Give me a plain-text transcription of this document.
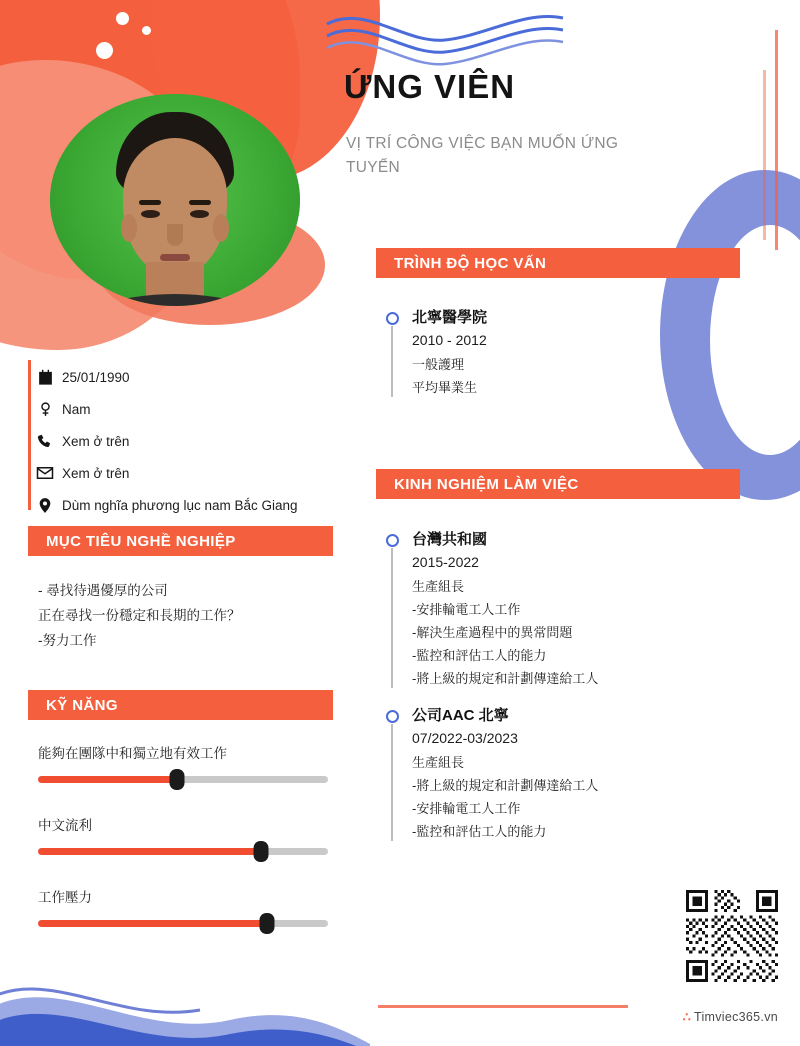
ỨNG VIÊN
VỊ TRÍ CÔNG VIỆC BẠN MUỐN ỨNG TUYỂN
25/01/1990
Nam
Xem ở trên
Xem ở trên
Dùm nghĩa phương lục nam Bắc Giang
MỤC TIÊU NGHỀ NGHIỆP
- 尋找待遇優厚的公司
正在尋找一份穩定和長期的工作？
-努力工作
KỸ NĂNG
能夠在團隊中和獨立地有效工作
中文流利
工作壓力
TRÌNH ĐỘ HỌC VẤN
北寧醫學院
2010 - 2012
一般護理
平均畢業生
KINH NGHIỆM LÀM VIỆC
台灣共和國
2015-2022
生產組長
-安排輪電工人工作
-解決生產過程中的異常問題
-監控和評估工人的能力
-將上級的規定和計劃傳達給工人
公司AAC 北寧
07/2022-03/2023
生產組長
-將上級的規定和計劃傳達給工人
-安排輪電工人工作
-監控和評估工人的能力
∴ Timviec365.vn
